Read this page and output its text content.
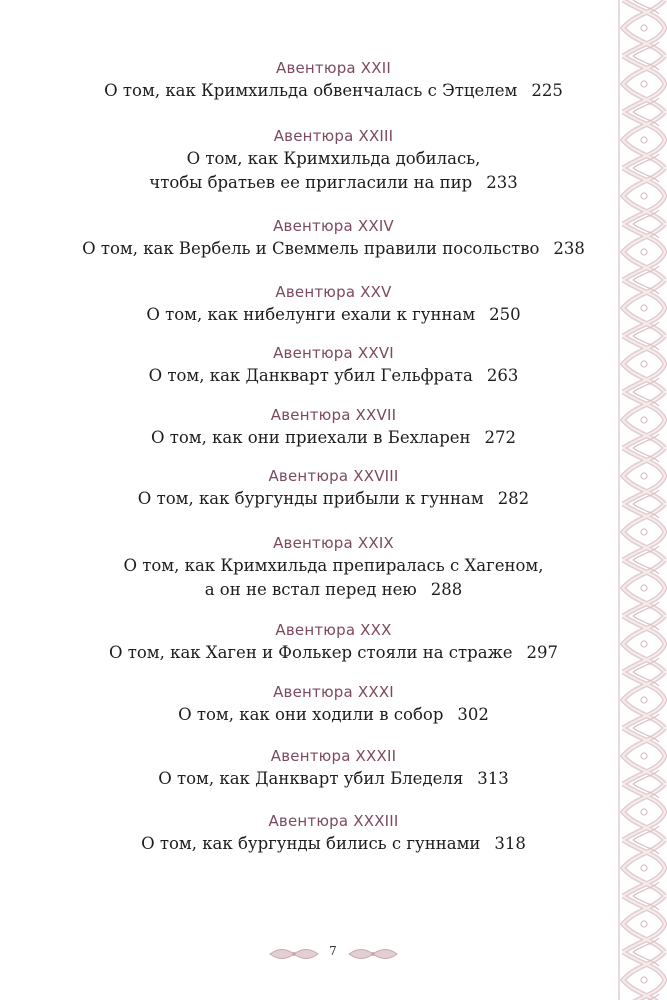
Авентюра XXII
О том, как Кримхильда обвенчалась с Этцелем 225
Авентюра XXIII
О том, как Кримхильда добилась,
чтобы братьев ее пригласили на пир 233
Авентюра XXIV
О том, как Вербель и Свеммель правили посольство 238
Авентюра XXV
О том, как нибелунги ехали к гуннам 250
Авентюра XXVI
О том, как Данкварт убил Гельфрата 263
Авентюра XXVII
О том, как они приехали в Бехларен 272
Авентюра XXVIII
О том, как бургунды прибыли к гуннам 282
Авентюра XXIX
О том, как Кримхильда препиралась с Хагеном,
а он не встал перед нею 288
Авентюра XXX
О том, как Хаген и Фолькер стояли на страже 297
Авентюра XXXI
О том, как они ходили в собор 302
Авентюра XXXII
О том, как Данкварт убил Бледеля 313
Авентюра XXXIII
О том, как бургунды бились с гуннами 318
7
